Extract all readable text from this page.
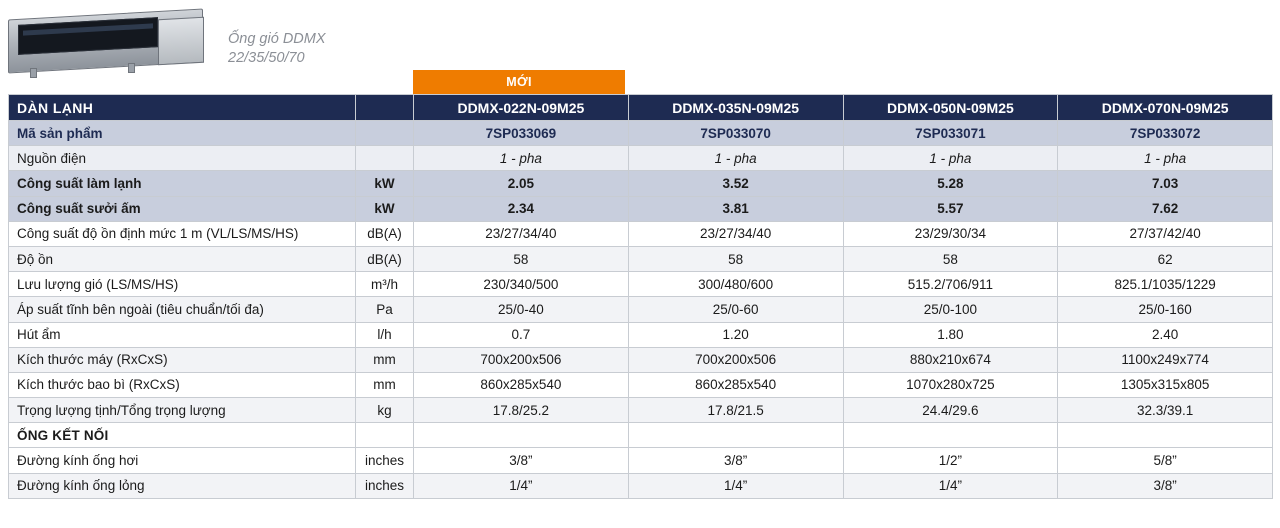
Ống gió DDMX
22/35/50/70
MỚI
DÀN LẠNH		DDMX-022N-09M25	DDMX-035N-09M25	DDMX-050N-09M25	DDMX-070N-09M25
Mã sản phẩm		7SP033069	7SP033070	7SP033071	7SP033072
Nguồn điện		1 - pha	1 - pha	1 - pha	1 - pha
Công suất làm lạnh	kW	2.05	3.52	5.28	7.03
Công suất sưởi ấm	kW	2.34	3.81	5.57	7.62
Công suất độ ồn định mức 1 m (VL/LS/MS/HS)	dB(A)	23/27/34/40	23/27/34/40	23/29/30/34	27/37/42/40
Độ ồn	dB(A)	58	58	58	62
Lưu lượng gió (LS/MS/HS)	m³/h	230/340/500	300/480/600	515.2/706/911	825.1/1035/1229
Áp suất tĩnh bên ngoài (tiêu chuẩn/tối đa)	Pa	25/0-40	25/0-60	25/0-100	25/0-160
Hút ẩm	l/h	0.7	1.20	1.80	2.40
Kích thước máy (RxCxS)	mm	700x200x506	700x200x506	880x210x674	1100x249x774
Kích thước bao bì (RxCxS)	mm	860x285x540	860x285x540	1070x280x725	1305x315x805
Trọng lượng tịnh/Tổng trọng lượng	kg	17.8/25.2	17.8/21.5	24.4/29.6	32.3/39.1
ỐNG KẾT NỐI					
Đường kính ống hơi	inches	3/8”	3/8”	1/2”	5/8”
Đường kính ống lỏng	inches	1/4”	1/4”	1/4”	3/8”
